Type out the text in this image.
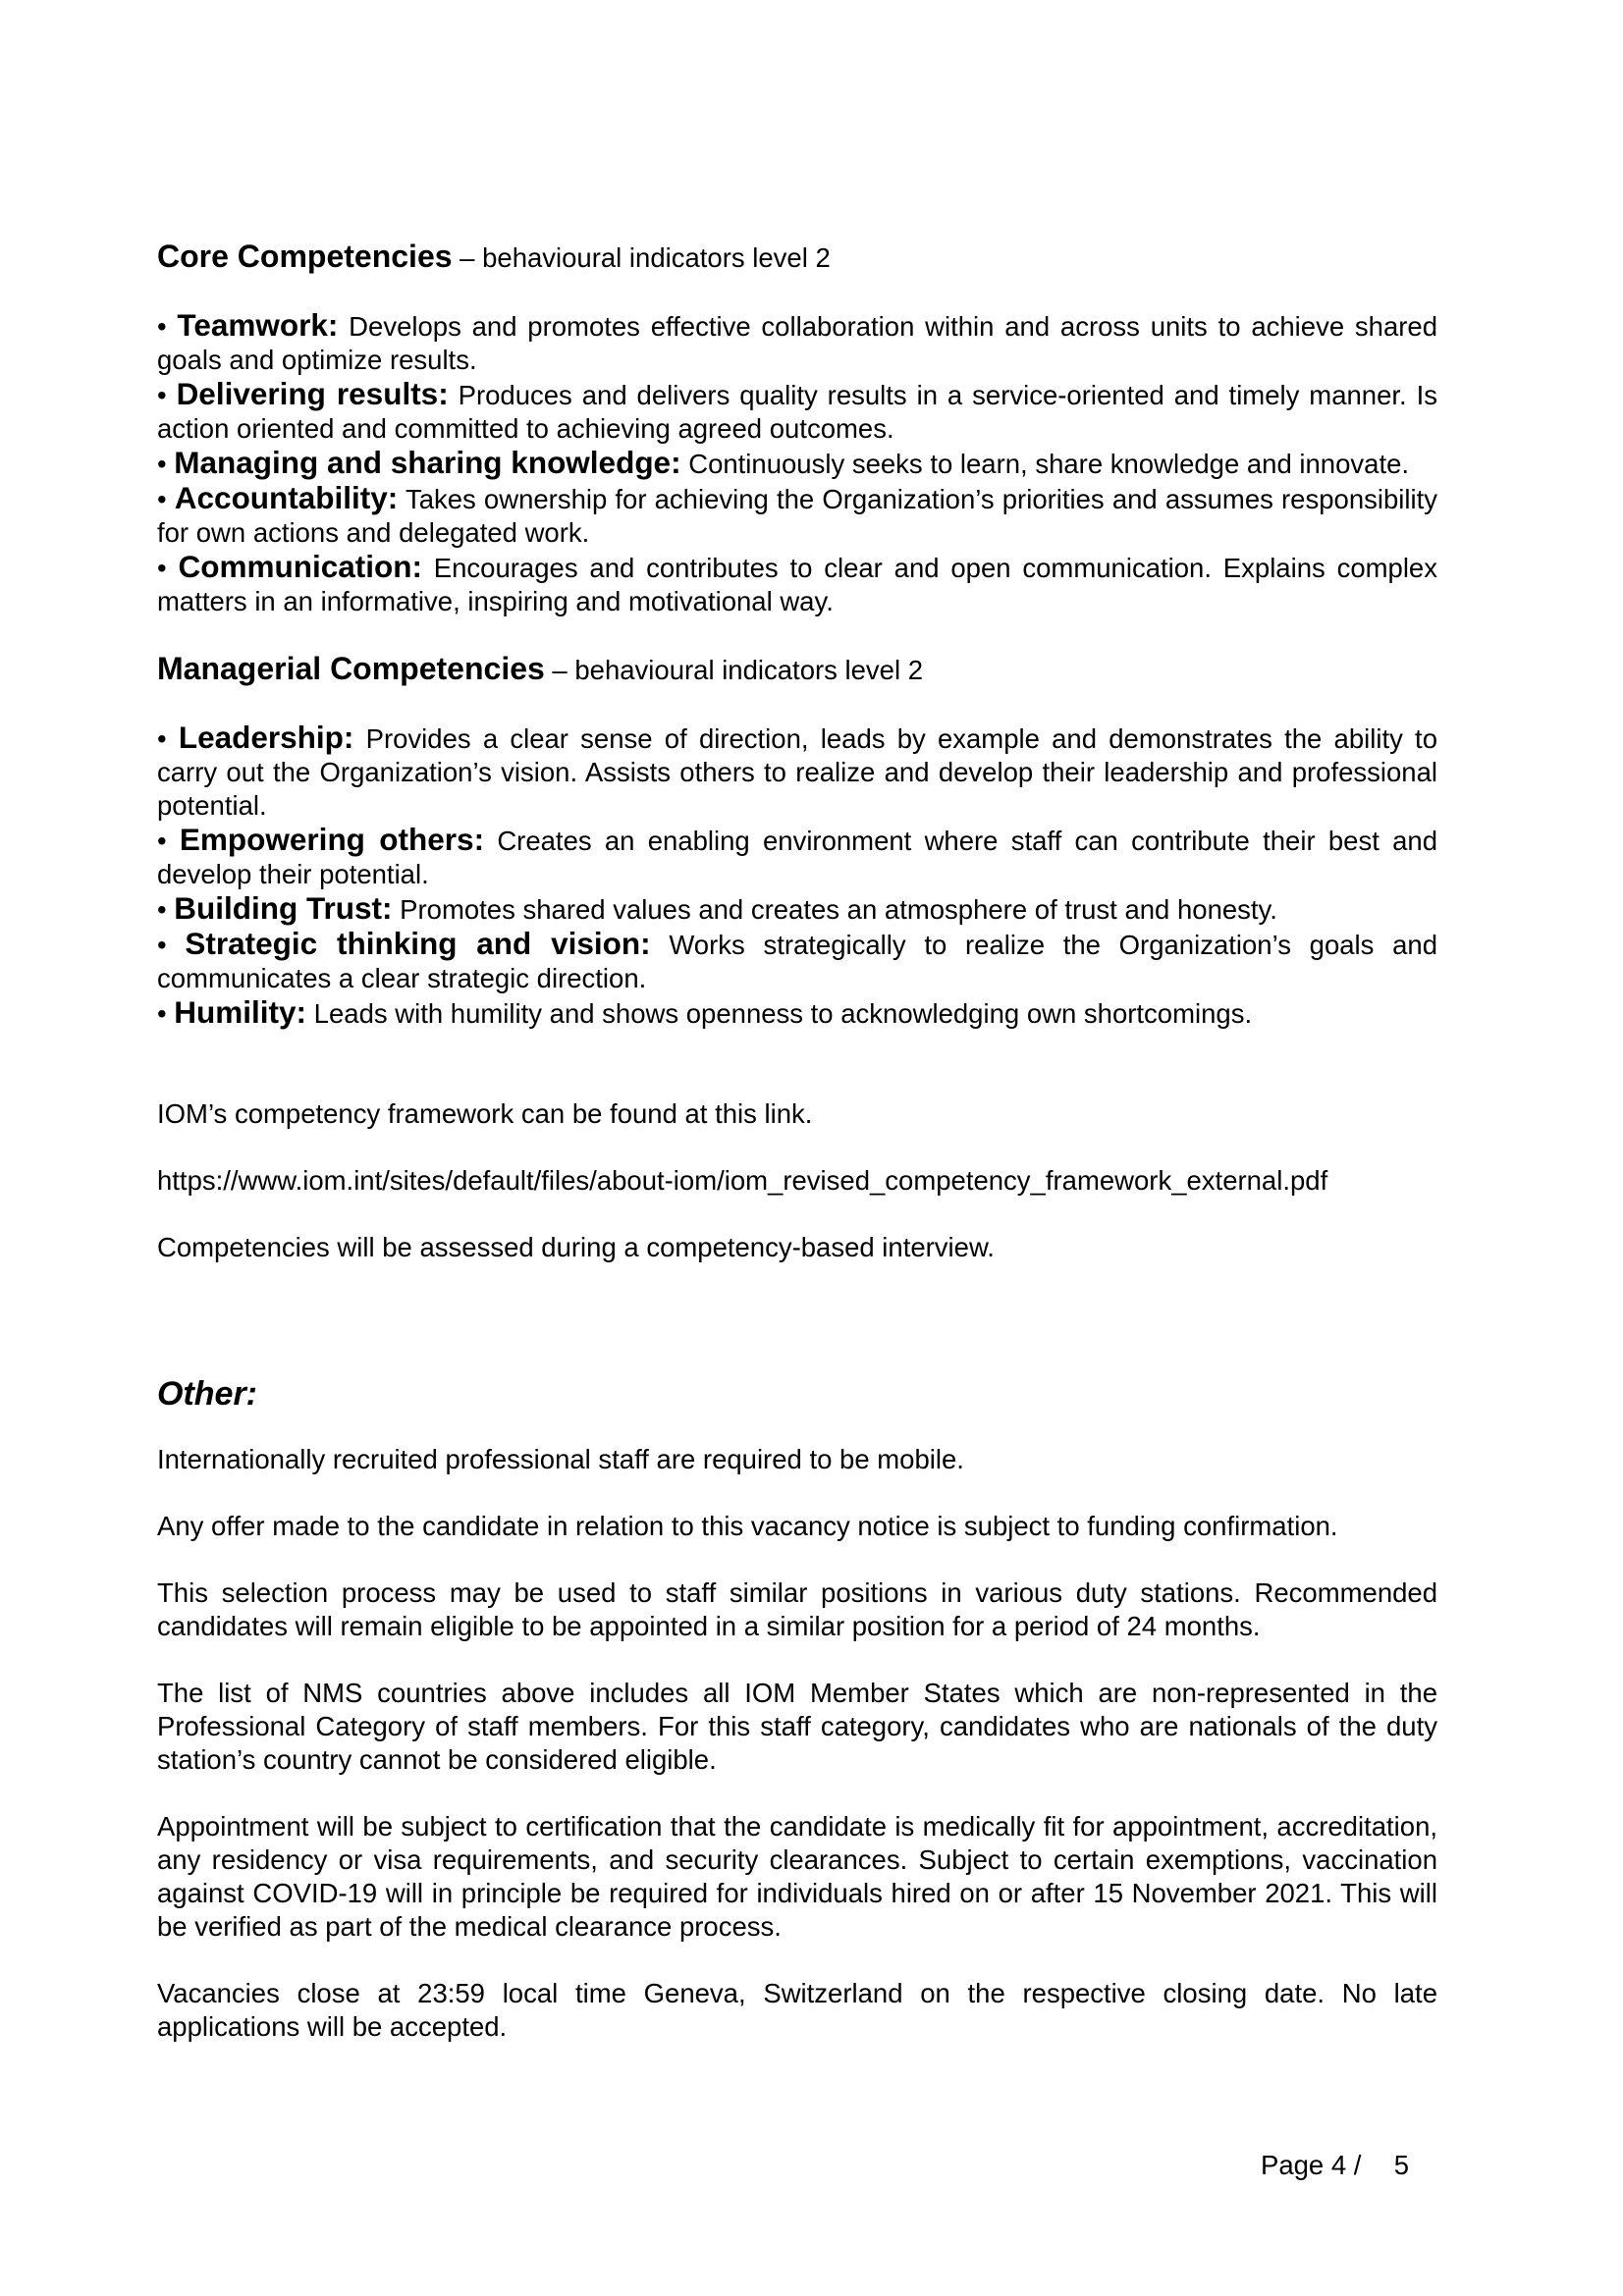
Core Competencies – behavioural indicators level 2

• Teamwork: Develops and promotes effective collaboration within and across units to achieve shared goals and optimize results.

• Delivering results: Produces and delivers quality results in a service-oriented and timely manner. Is action oriented and committed to achieving agreed outcomes.

• Managing and sharing knowledge: Continuously seeks to learn, share knowledge and innovate.

• Accountability: Takes ownership for achieving the Organization’s priorities and assumes responsibility for own actions and delegated work.

• Communication: Encourages and contributes to clear and open communication. Explains complex matters in an informative, inspiring and motivational way.

Managerial Competencies – behavioural indicators level 2

• Leadership: Provides a clear sense of direction, leads by example and demonstrates the ability to carry out the Organization’s vision. Assists others to realize and develop their leadership and professional potential.

• Empowering others: Creates an enabling environment where staff can contribute their best and develop their potential.

• Building Trust: Promotes shared values and creates an atmosphere of trust and honesty.

• Strategic thinking and vision: Works strategically to realize the Organization’s goals and communicates a clear strategic direction.

• Humility: Leads with humility and shows openness to acknowledging own shortcomings.

IOM’s competency framework can be found at this link.

https://www.iom.int/sites/default/files/about-iom/iom_revised_competency_framework_external.pdf

Competencies will be assessed during a competency-based interview.

Other:

Internationally recruited professional staff are required to be mobile.

Any offer made to the candidate in relation to this vacancy notice is subject to funding confirmation.

This selection process may be used to staff similar positions in various duty stations. Recommended candidates will remain eligible to be appointed in a similar position for a period of 24 months.

The list of NMS countries above includes all IOM Member States which are non-represented in the Professional Category of staff members. For this staff category, candidates who are nationals of the duty station’s country cannot be considered eligible.

Appointment will be subject to certification that the candidate is medically fit for appointment, accreditation, any residency or visa requirements, and security clearances. Subject to certain exemptions, vaccination against COVID-19 will in principle be required for individuals hired on or after 15 November 2021. This will be verified as part of the medical clearance process.

Vacancies close at 23:59 local time Geneva, Switzerland on the respective closing date. No late applications will be accepted.

Page 4 / 5
